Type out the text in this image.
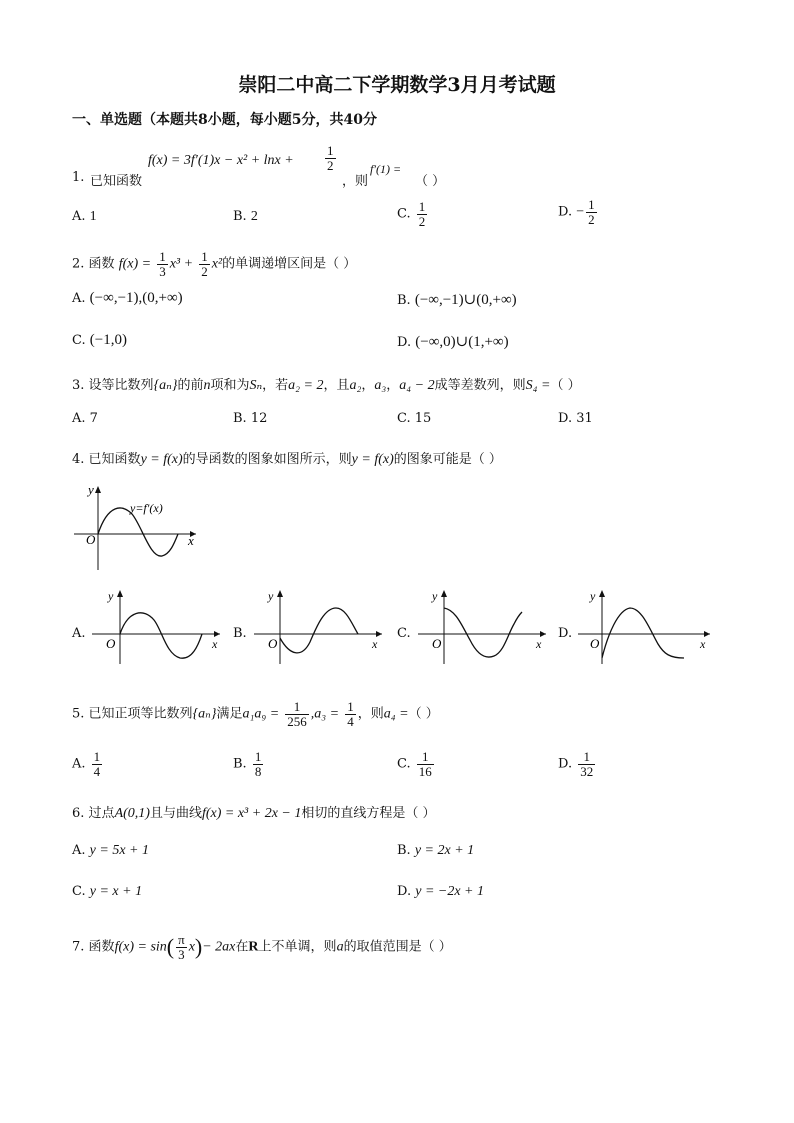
崇阳二中高二下学期数学3月月考试题
一、单选题（本题共8小题，每小题5分，共40分
1. 已知函数
$f(x) = 3f'(1)x - x^2 + \ln x + \frac{1}{2}$
，则
f′(1) =
（ ）
A. 1	B. 2	C. $\frac{1}{2}$	D. − $\frac{1}{2}$
2. 函数 $f(x) = \frac{1}{3} x^3 + \frac{1}{2} x^2$的单调递增区间是（ ）
A. (−∞,−1),(0,+∞)	B. (−∞,−1)∪(0,+∞)
C. (−1,0)	D. (−∞,0)∪(1,+∞)
3. 设等比数列{aₙ}的前n项和为Sₙ，若a₂ = 2，且a₂，a₃，a₄ − 2成等差数列，则S₄ =（ ）
A. 7	B. 12	C. 15	D. 31
4. 已知函数y = f(x)的导函数的图象如图所示，则y = f(x)的图象可能是（ ）
y
O	x
y=f′(x)
A.
y
O	x
B.
y
O	x
C.
y
O	x
D.
y
O	x
5. 已知正项等比数列{aₙ}满足$a_1a_9 = \frac{1}{256} ,a_3 = \frac{1}{4}$ ，则a₄ =（ ）
A. $\frac{1}{4}$	B. $\frac{1}{8}$	C. $\frac{1}{16}$	D. $\frac{1}{32}$
6. 过点A(0,1)且与曲线f(x) = x³ + 2x − 1相切的直线方程是（ ）
A. y = 5x + 1	B. y = 2x + 1
C. y = x + 1	D. y = −2x + 1
7. 函数$f(x) = \sin( \frac{\pi}{3} x)- 2ax$在R上不单调，则a的取值范围是（ ）
